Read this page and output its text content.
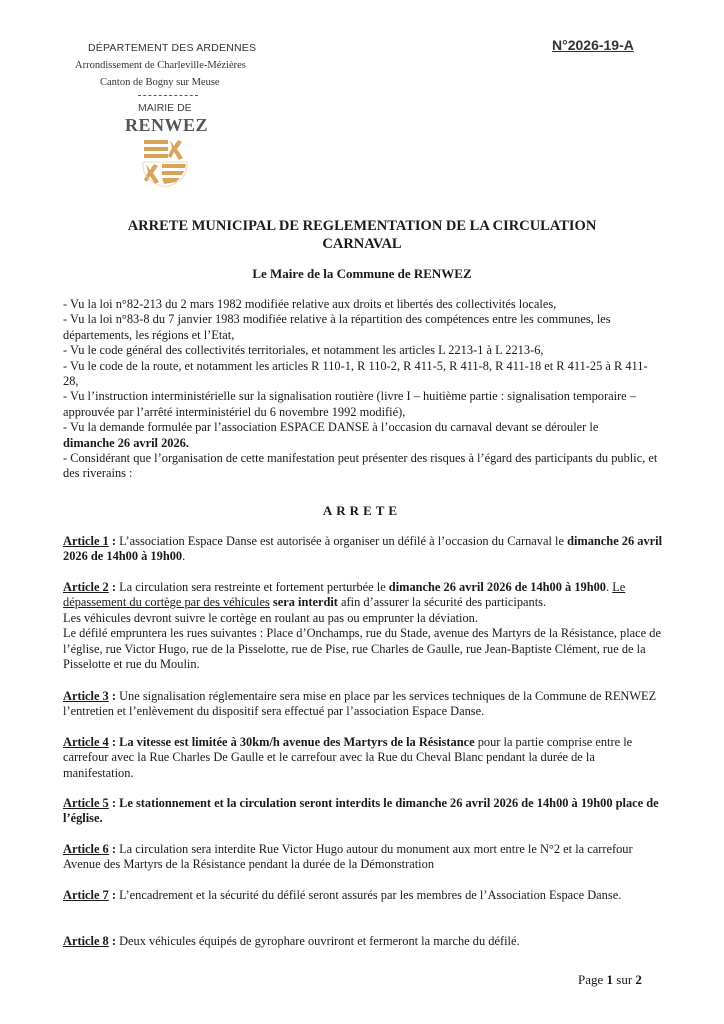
DÉPARTEMENT DES ARDENNES
Arrondissement de Charleville-Mézières
Canton de Bogny sur Meuse
MAIRIE DE
RENWEZ
N°2026-19-A
ARRETE MUNICIPAL DE REGLEMENTATION DE LA CIRCULATION
CARNAVAL
Le Maire de la Commune de RENWEZ

- Vu la loi n°82-213 du 2 mars 1982 modifiée relative aux droits et libertés des collectivités locales,

- Vu la loi n°83-8 du 7 janvier 1983 modifiée relative à la répartition des compétences entre les communes, les départements, les régions et l’Etat,

- Vu le code général des collectivités territoriales, et notamment les articles L 2213-1 à L 2213-6,

- Vu le code de la route, et notamment les articles R 110-1, R 110-2, R 411-5, R 411-8, R 411-18 et R 411-25 à R 411-28,

- Vu l’instruction interministérielle sur la signalisation routière (livre I – huitième partie : signalisation temporaire – approuvée par l’arrêté interministériel du 6 novembre 1992 modifié),

- Vu la demande formulée par l’association ESPACE DANSE à l’occasion du carnaval devant se dérouler le

dimanche 26 avril 2026.

- Considérant que l’organisation de cette manifestation peut présenter des risques à l’égard des participants du public, et des riverains :

ARRETE

Article 1 : L’association Espace Danse est autorisée à organiser un défilé à l’occasion du Carnaval le dimanche 26 avril 2026 de 14h00 à 19h00.

Article 2 : La circulation sera restreinte et fortement perturbée le dimanche 26 avril 2026 de 14h00 à 19h00. Le dépassement du cortège par des véhicules sera interdit afin d’assurer la sécurité des participants.
Les véhicules devront suivre le cortège en roulant au pas ou emprunter la déviation.
Le défilé empruntera les rues suivantes : Place d’Onchamps, rue du Stade, avenue des Martyrs de la Résistance, place de l’église, rue Victor Hugo, rue de la Pisselotte, rue de Pise, rue Charles de Gaulle, rue Jean-Baptiste Clément, rue de la Pisselotte et rue du Moulin.

Article 3 : Une signalisation réglementaire sera mise en place par les services techniques de la Commune de RENWEZ l’entretien et l’enlèvement du dispositif sera effectué par l’association Espace Danse.

Article 4 : La vitesse est limitée à 30km/h avenue des Martyrs de la Résistance pour la partie comprise entre le carrefour avec la Rue Charles De Gaulle et le carrefour avec la Rue du Cheval Blanc pendant la durée de la manifestation.

Article 5 : Le stationnement et la circulation seront interdits le dimanche 26 avril 2026 de 14h00 à 19h00 place de l’église.

Article 6 : La circulation sera interdite Rue Victor Hugo autour du monument aux mort entre le N°2 et la carrefour Avenue des Martyrs de la Résistance pendant la durée de la Démonstration

Article 7 : L’encadrement et la sécurité du défilé seront assurés par les membres de l’Association Espace Danse.

Article 8 : Deux véhicules équipés de gyrophare ouvriront et fermeront la marche du défilé.

Page 1 sur 2
